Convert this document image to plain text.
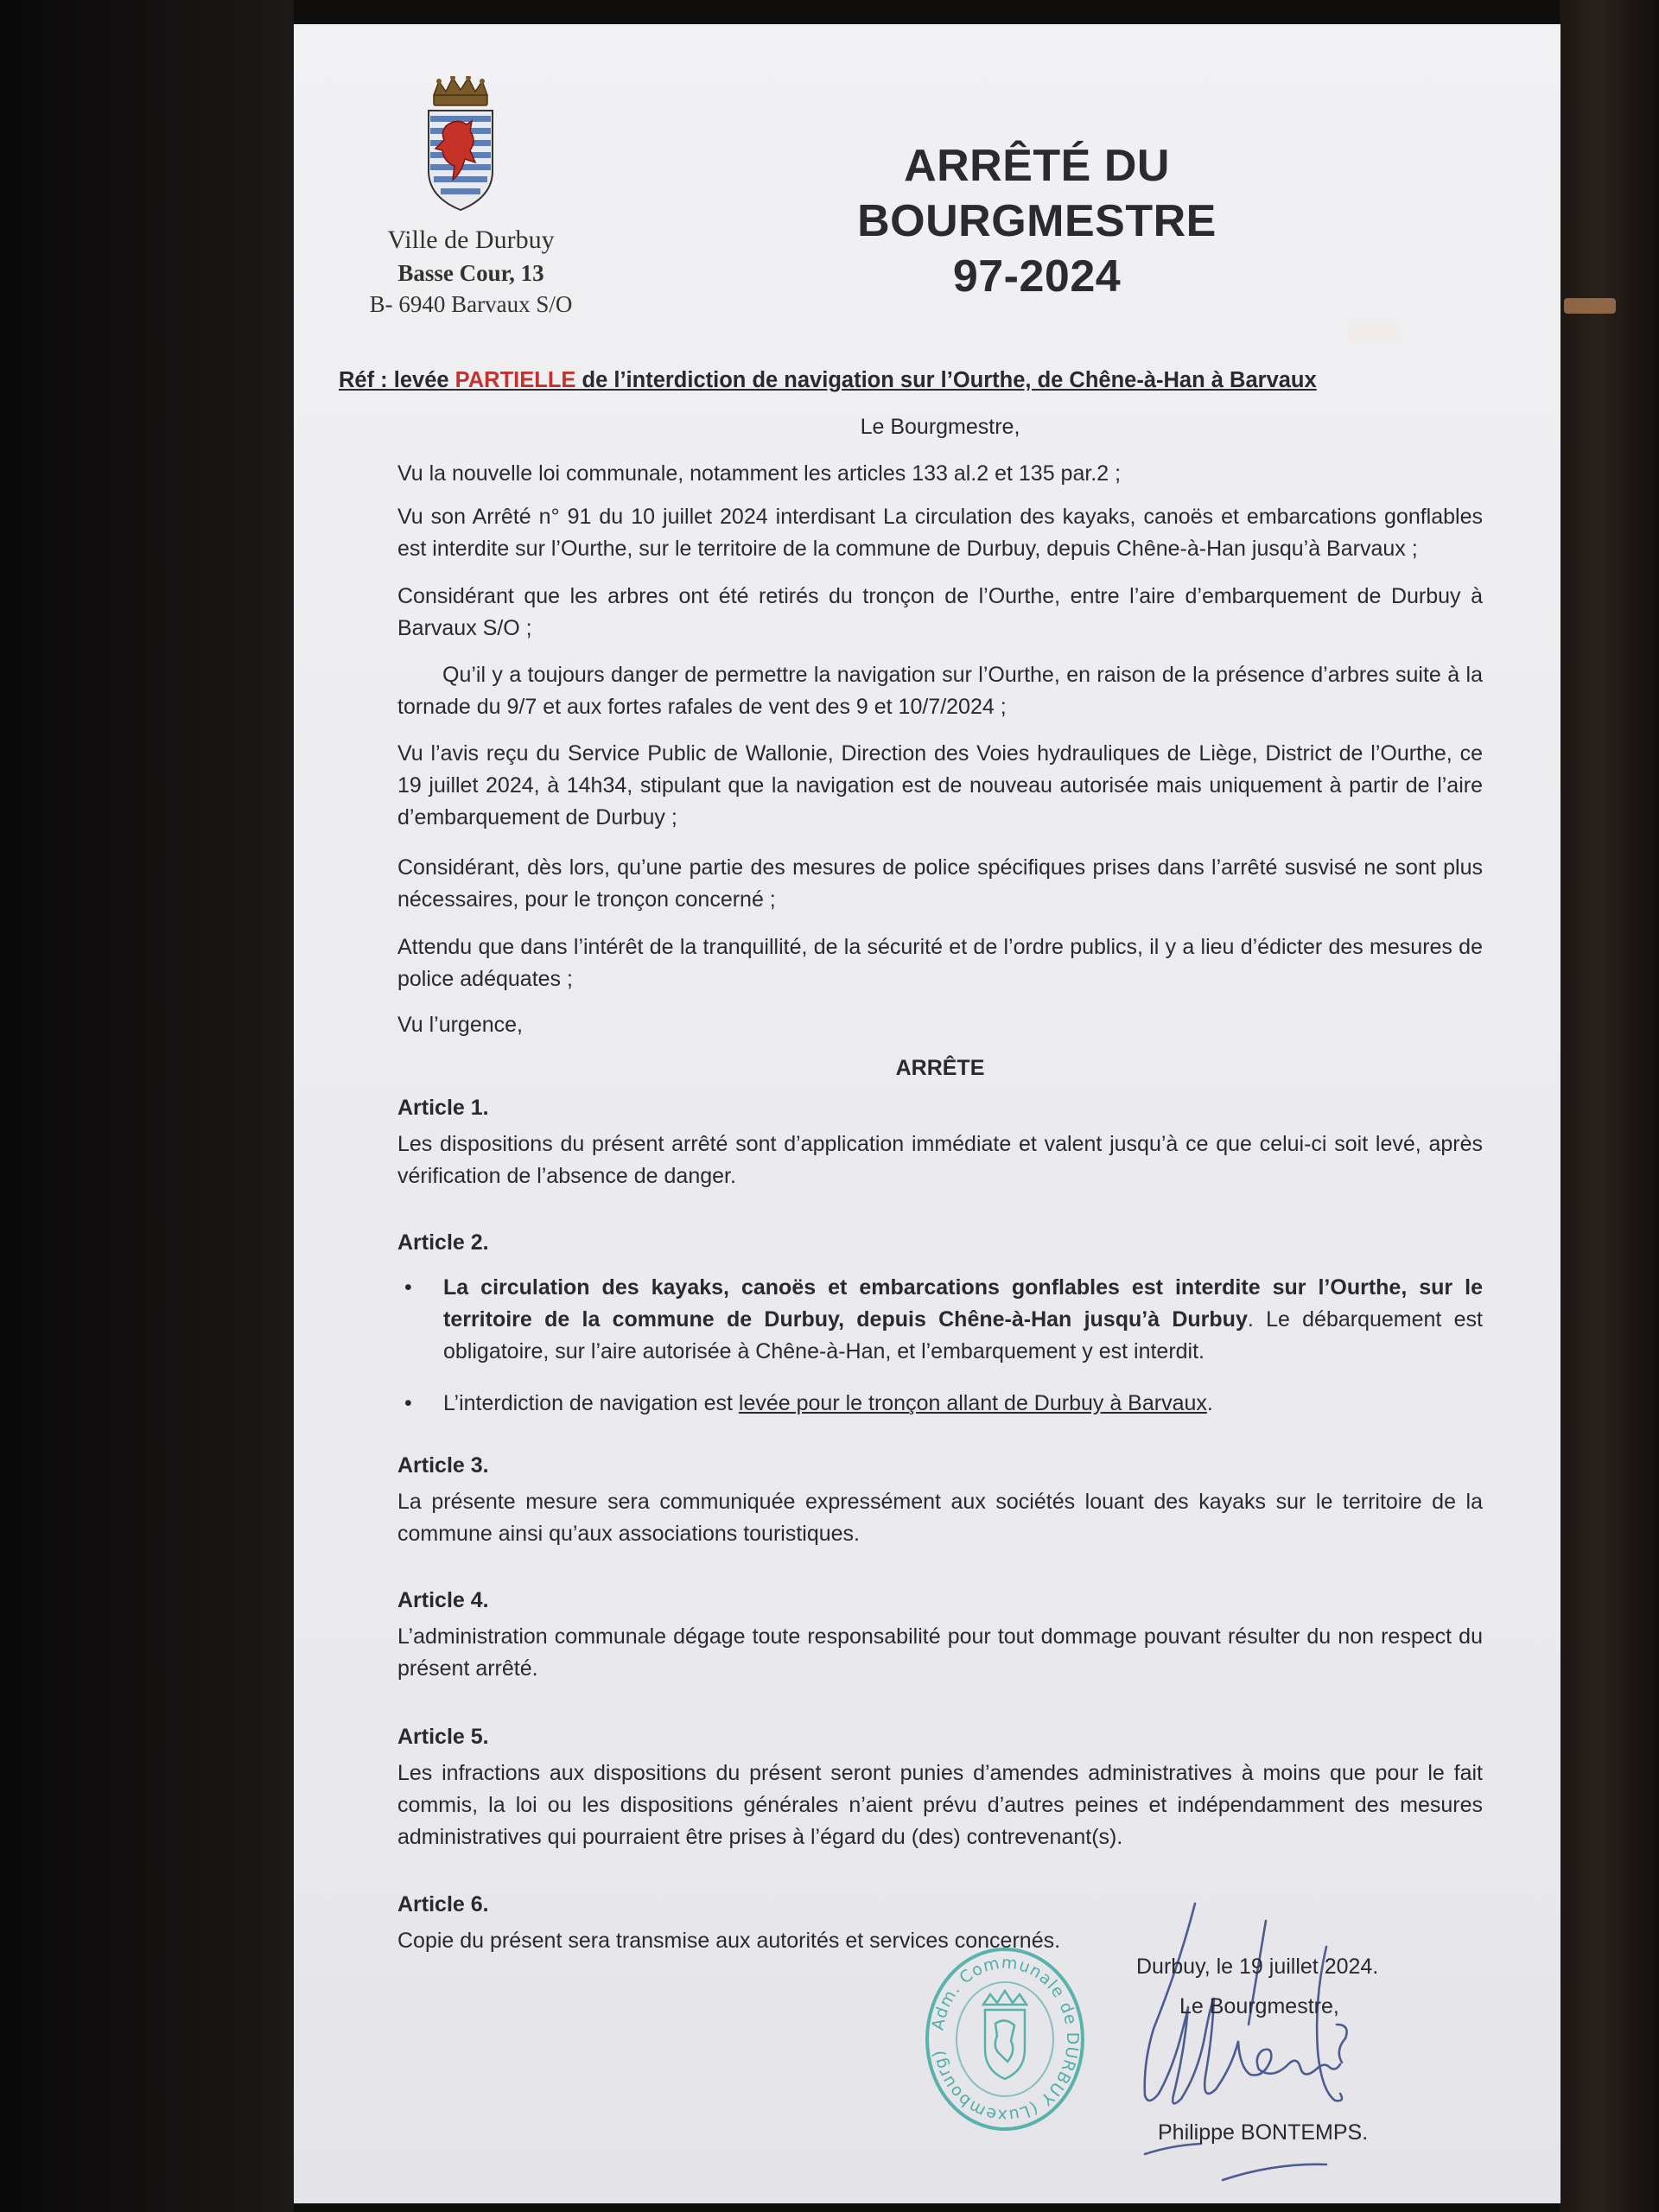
Ville de Durbuy
Basse Cour, 13
B- 6940 Barvaux S/O
ARRÊTÉ DU BOURGMESTRE
97-2024
Réf : levée PARTIELLE de l’interdiction de navigation sur l’Ourthe, de Chêne-à-Han à Barvaux
Le Bourgmestre,
Vu la nouvelle loi communale, notamment les articles 133 al.2 et 135 par.2 ;
Vu son Arrêté n° 91 du 10 juillet 2024 interdisant La circulation des kayaks, canoës et embarcations gonflables est interdite sur l’Ourthe, sur le territoire de la commune de Durbuy, depuis Chêne-à-Han jusqu’à Barvaux ;
Considérant que les arbres ont été retirés du tronçon de l’Ourthe, entre l’aire d’embarquement de Durbuy à Barvaux S/O ;
Qu’il y a toujours danger de permettre la navigation sur l’Ourthe, en raison de la présence d’arbres suite à la tornade du 9/7 et aux fortes rafales de vent des 9 et 10/7/2024 ;
Vu l’avis reçu du Service Public de Wallonie, Direction des Voies hydrauliques de Liège, District de l’Ourthe, ce 19 juillet 2024, à 14h34, stipulant que la navigation est de nouveau autorisée mais uniquement à partir de l’aire d’embarquement de Durbuy ;
Considérant, dès lors, qu’une partie des mesures de police spécifiques prises dans l’arrêté susvisé ne sont plus nécessaires, pour le tronçon concerné ;
Attendu que dans l’intérêt de la tranquillité, de la sécurité et de l’ordre publics, il y a lieu d’édicter des mesures de police adéquates ;
Vu l’urgence,
ARRÊTE
Article 1.
Les dispositions du présent arrêté sont d’application immédiate et valent jusqu’à ce que celui-ci soit levé, après vérification de l’absence de danger.
Article 2.
• La circulation des kayaks, canoës et embarcations gonflables est interdite sur l’Ourthe, sur le territoire de la commune de Durbuy, depuis Chêne-à-Han jusqu’à Durbuy. Le débarquement est obligatoire, sur l’aire autorisée à Chêne-à-Han, et l’embarquement y est interdit.
• L’interdiction de navigation est levée pour le tronçon allant de Durbuy à Barvaux.
Article 3.
La présente mesure sera communiquée expressément aux sociétés louant des kayaks sur le territoire de la commune ainsi qu’aux associations touristiques.
Article 4.
L’administration communale dégage toute responsabilité pour tout dommage pouvant résulter du non respect du présent arrêté.
Article 5.
Les infractions aux dispositions du présent seront punies d’amendes administratives à moins que pour le fait commis, la loi ou les dispositions générales n’aient prévu d’autres peines et indépendamment des mesures administratives qui pourraient être prises à l’égard du (des) contrevenant(s).
Article 6.
Copie du présent sera transmise aux autorités et services concernés.
Adm. Communale de DURBUY (Luxembourg)
Durbuy, le 19 juillet 2024.
Le Bourgmestre,
Philippe BONTEMPS.
